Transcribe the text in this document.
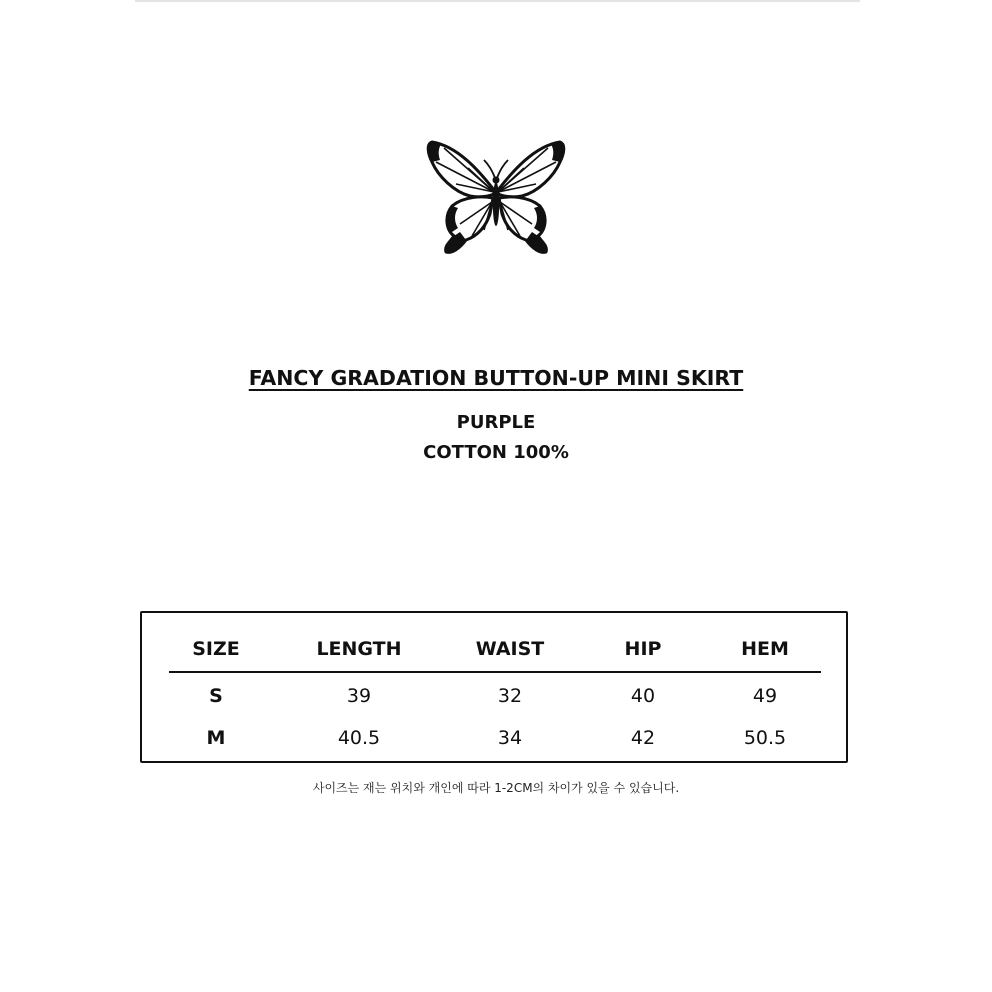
FANCY GRADATION BUTTON-UP MINI SKIRT
PURPLE
COTTON 100%
SIZE	LENGTH	WAIST	HIP	HEM
S	39	32	40	49
M	40.5	34	42	50.5
사이즈는 재는 위치와 개인에 따라 1-2CM의 차이가 있을 수 있습니다.
